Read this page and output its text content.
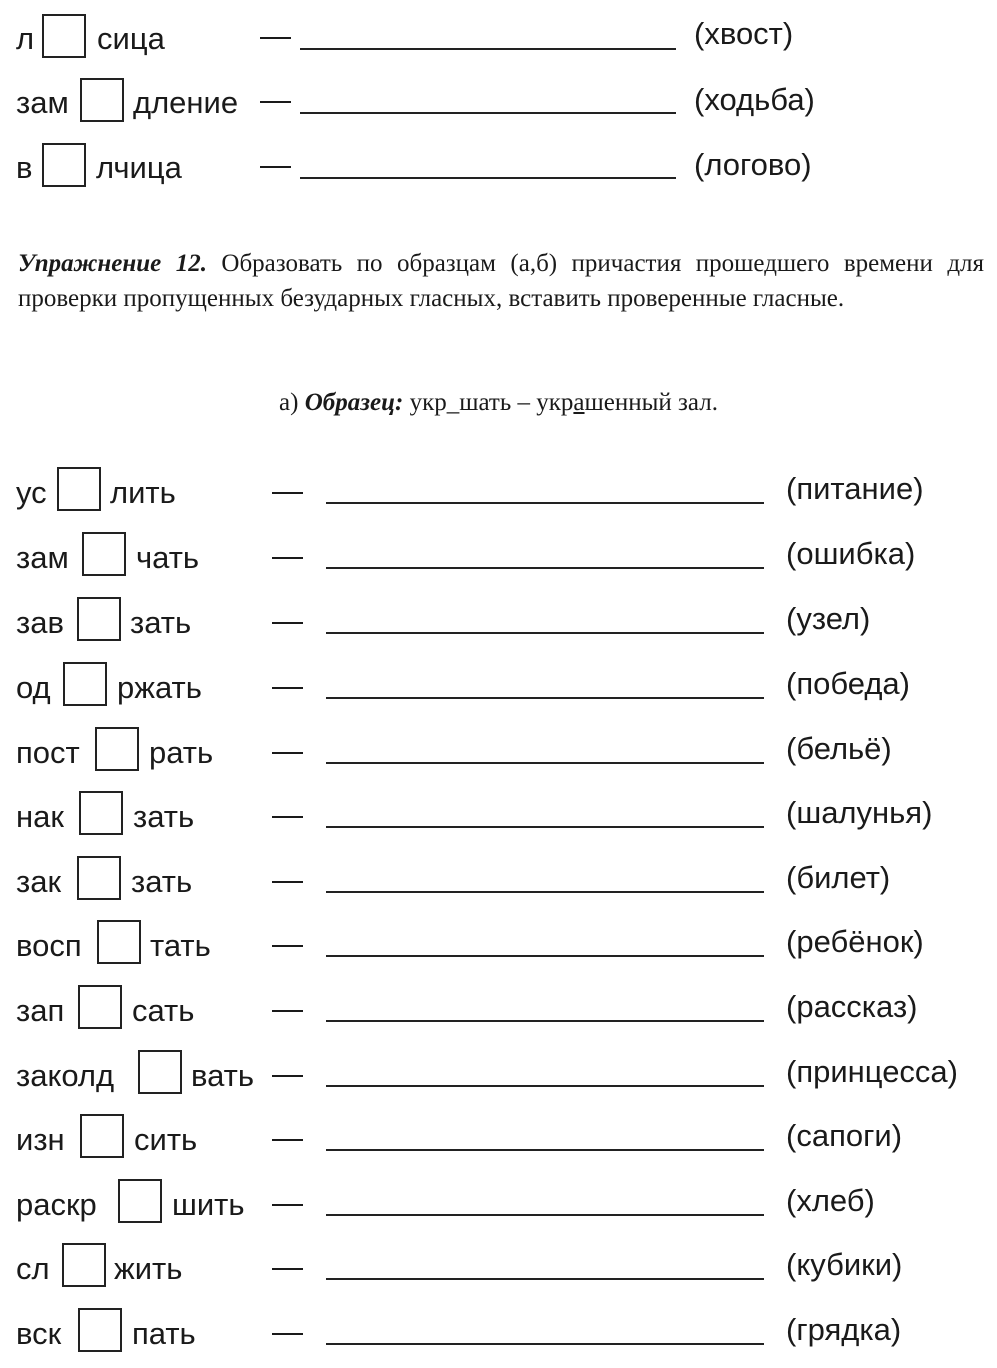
л сица	—	(хвост)
зам дление —	(ходьба)
в лчица	—	(логово)
Упражнение 12. Образовать по образцам (а,б) причастия прошедшего времени для проверки пропущенных безударных гласных, вставить проверенные гласные.
а) Образец: укр_шать – украшенный зал.
ус лить	—	(питание)
зам чать —	(ошибка)
зав зать	—	(узел)
од ржать —	(победа)
пост рать —	(бельё)
нак зать	—	(шалунья)
зак зать	—	(билет)
восп тать —	(ребёнок)
зап сать	—	(рассказ)
заколд вать —	(принцесса)
изн сить —	(сапоги)
раскр шить —	(хлеб)
сл жить	—	(кубики)
вск пать —	(грядка)
